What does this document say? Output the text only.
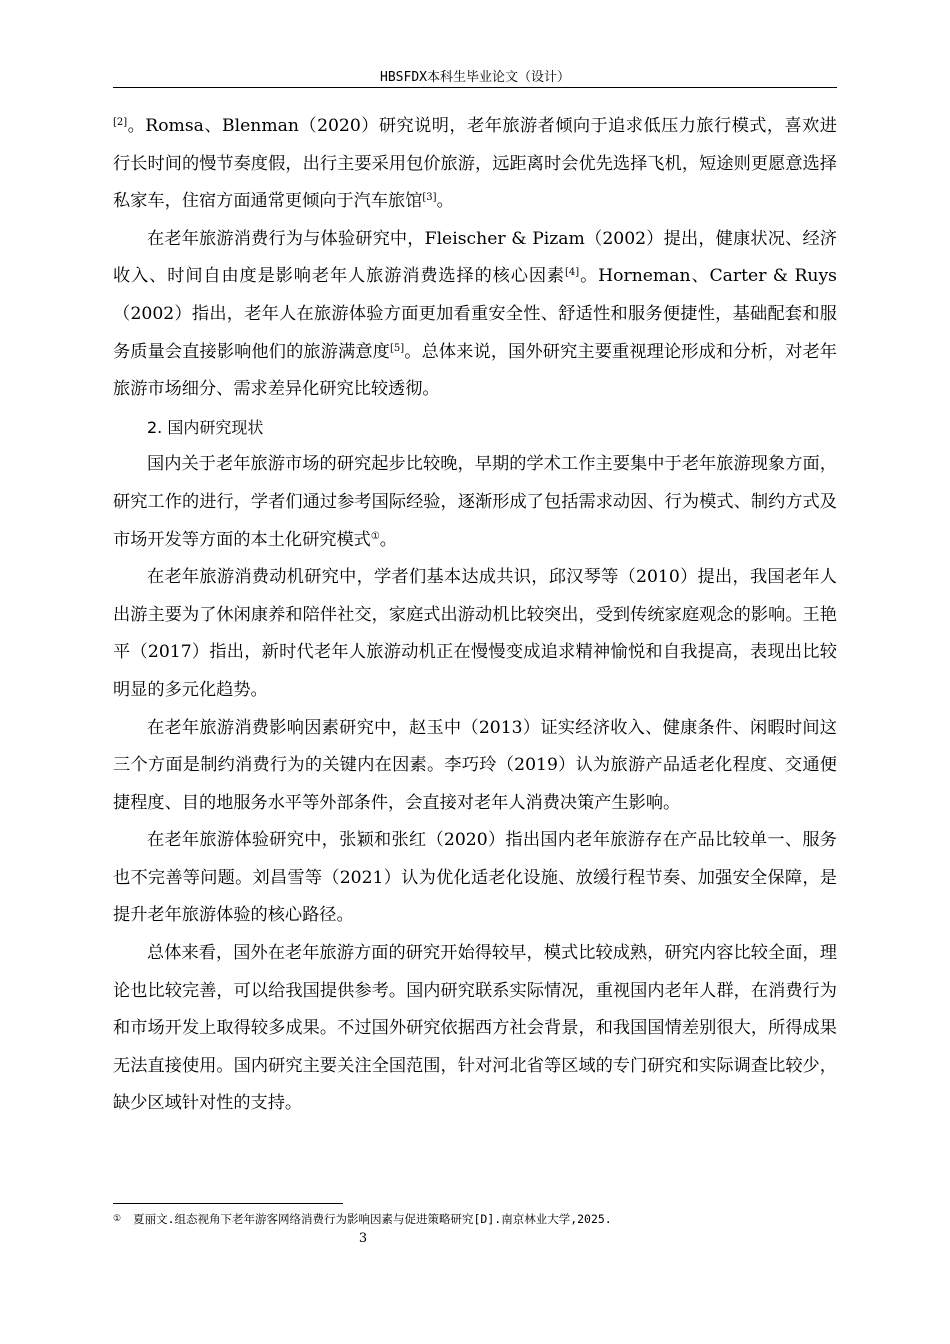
HBSFDX本科生毕业论文（设计）

[2]。Romsa、Blenman（2020）研究说明，老年旅游者倾向于追求低压力旅行模式，喜欢进行长时间的慢节奏度假，出行主要采用包价旅游，远距离时会优先选择飞机，短途则更愿意选择私家车，住宿方面通常更倾向于汽车旅馆[3]。

在老年旅游消费行为与体验研究中，Fleischer & Pizam（2002）提出，健康状况、经济收入、时间自由度是影响老年人旅游消费选择的核心因素[4]。Horneman、Carter & Ruys（2002）指出，老年人在旅游体验方面更加看重安全性、舒适性和服务便捷性，基础配套和服务质量会直接影响他们的旅游满意度[5]。总体来说，国外研究主要重视理论形成和分析，对老年旅游市场细分、需求差异化研究比较透彻。

2. 国内研究现状

国内关于老年旅游市场的研究起步比较晚，早期的学术工作主要集中于老年旅游现象方面，研究工作的进行，学者们通过参考国际经验，逐渐形成了包括需求动因、行为模式、制约方式及市场开发等方面的本土化研究模式①。

在老年旅游消费动机研究中，学者们基本达成共识，邱汉琴等（2010）提出，我国老年人出游主要为了休闲康养和陪伴社交，家庭式出游动机比较突出，受到传统家庭观念的影响。王艳平（2017）指出，新时代老年人旅游动机正在慢慢变成追求精神愉悦和自我提高，表现出比较明显的多元化趋势。

在老年旅游消费影响因素研究中，赵玉中（2013）证实经济收入、健康条件、闲暇时间这三个方面是制约消费行为的关键内在因素。李巧玲（2019）认为旅游产品适老化程度、交通便捷程度、目的地服务水平等外部条件，会直接对老年人消费决策产生影响。

在老年旅游体验研究中，张颖和张红（2020）指出国内老年旅游存在产品比较单一、服务也不完善等问题。刘昌雪等（2021）认为优化适老化设施、放缓行程节奏、加强安全保障，是提升老年旅游体验的核心路径。

总体来看，国外在老年旅游方面的研究开始得较早，模式比较成熟，研究内容比较全面，理论也比较完善，可以给我国提供参考。国内研究联系实际情况，重视国内老年人群，在消费行为和市场开发上取得较多成果。不过国外研究依据西方社会背景，和我国国情差别很大，所得成果无法直接使用。国内研究主要关注全国范围，针对河北省等区域的专门研究和实际调查比较少，缺少区域针对性的支持。

① 夏丽文.组态视角下老年游客网络消费行为影响因素与促进策略研究[D].南京林业大学,2025.
3
